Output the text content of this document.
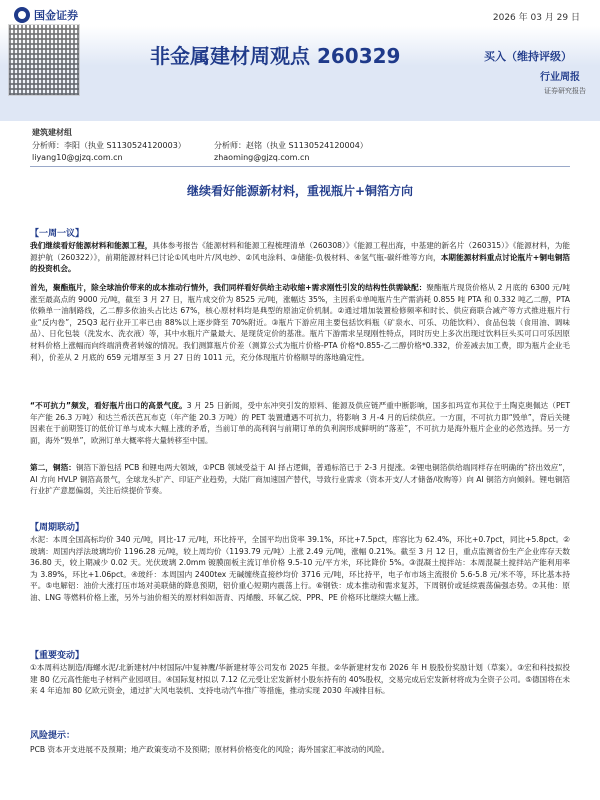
国金证券	2026 年 03 月 29 日
非金属建材周观点 260329	买入（维持评级）
行业周报
证券研究报告
建筑建材组
分析师：李阳（执业 S1130524120003）
liyang10@gjzq.com.cn
分析师：赵铭（执业 S1130524120004）
zhaoming@gjzq.com.cn
继续看好能源新材料，重视瓶片+铜箔方向
【一周一议】
我们继续看好能源材料和能源工程，具体参考报告《能源材料和能源工程梳理清单（260308）》《能源工程出海，中基建的新名片（260315）》《能源材料，为能源护航（260322）》，前期能源材料已讨论①风电叶片/风电纱、②风电涂料、③储能-负极材料、④氢气瓶-碳纤维等方向，本期能源材料重点讨论瓶片+铜电铜箔的投资机会。
首先，聚酯瓶片，除全球油价带来的成本推动行情外，我们同样看好供给主动收缩+需求刚性引发的结构性供需缺配：聚酯瓶片现货价格从 2 月底的 6300 元/吨涨至最高点的 9000 元/吨，截至 3 月 27 日，瓶片成交价为 8525 元/吨，涨幅达 35%，主因系①单吨瓶片生产需消耗 0.855 吨 PTA 和 0.332 吨乙二醇，PTA 依赖单一油制路线，乙二醇多依油头占比达 67%，核心原材料均是典型的原油定价机制。②通过增加装置检修频率和时长、供应商联合减产等方式推进瓶片行业“反内卷”，25Q3 起行业开工率已由 88%以上逐步降至 70%附近。③瓶片下游应用主要包括饮料瓶（矿泉水、可乐、功能饮料）、食品包装（食用油、调味品）、日化包装（洗发水、洗衣液）等，其中水瓶片产量最大、是现货定价的基准。瓶片下游需求呈现刚性特点，同时历史上多次出现过饮料巨头买可口可乐因原材料价格上涨幅而向终端消费者转嫁的情况。我们测算瓶片价差（测算公式为瓶片价格-PTA 价格*0.855-乙二醇价格*0.332，价差减去加工费，即为瓶片企业毛利），价差从 2 月底的 659 元增厚至 3 月 27 日的 1011 元，充分体现瓶片价格顺导的落地确定性。
“不可抗力”频发，看好瓶片出口的高景气度。3 月 25 日新闻，受中东冲突引发的原料、能源及供应链严重中断影响，国多扣玛宣布其位于土陶克奥佩达（PET 年产能 26.3 万吨）和达兰希沃芭瓦布克（年产能 20.3 万吨）的 PET 装置遭遇不可抗力，将影响 3 月-4 月的后续供应。一方面，不可抗力即“毁单”，背后关键因素在于前期签订的低价订单与成本大幅上涨的矛盾，当前订单的高利润与前期订单的负利润形成鲜明的“落差”，不可抗力是海外瓶片企业的必然选择。另一方面，海外“毁单”，欧洲订单大概率将大量转移至中国。
第二，铜箔：铜箔下游包括 PCB 和锂电两大领域，①PCB 领域受益于 AI 择占逻辑，普通标箔已于 2-3 月提涨。②锂电铜箔供给端同样存在明确的“挤出效应”，AI 方向 HVLP 铜箔高景气，全球龙头扩产、印证产业趋势，大陆厂商加速国产替代，导致行业需求（资本开支/人才储备/收购等）向 AI 铜箔方向倾斜。锂电铜箔行业扩产意愿偏弱，关注后续提价节奏。
【周期联动】
水泥：本周全国高标均价 340 元/吨，同比-17 元/吨，环比持平，全国平均出货率 39.1%，环比+7.5pct，库容比为 62.4%，环比+0.7pct，同比+5.8pct。②玻璃：周国内浮法玻璃均价 1196.28 元/吨，较上周均价（1193.79 元/吨）上涨 2.49 元/吨，涨幅 0.21%。截至 3 月 12 日，重点监测省份生产企业库存天数 36.80 天，较上期减少 0.02 天。光伏玻璃 2.0mm 镀膜面板主流订单价格 9.5-10 元/平方米，环比降价 5%。③混凝土搅拌站：本周混凝土搅拌站产能利用率为 3.89%，环比+1.06pct。④玻纤：本周国内 2400tex 无碱缠绕直接纱均价 3716 元/吨，环比持平，电子布市场主流报价 5.6-5.8 元/米不等，环比基本持平。⑤电解铝：油价大涨打压市场对美联储的降息预期，铝价重心短期内震荡上行。⑥钢铁：成本推动和需求复苏，下周钢价或延续震荡偏强态势。⑦其他：原油、LNG 等燃料价格上涨，另外与油价相关的原材料如沥青、丙烯酸、环氧乙烷、PPR、PE 价格环比继续大幅上涨。
【重要变动】
①本周科达制造/海螺水泥/北新建材/中材国际/中复神鹰/华新建材等公司发布 2025 年报。②华新建材发布 2026 年 H 股股份奖励计划（草案）。③宏和科技拟投建 80 亿元高性能电子材料产业园项目。④国际复材拟以 7.12 亿元受让宏发新材小股东持有的 40%股权，交易完成后宏发新材将成为全资子公司。⑤德国将在未来 4 年追加 80 亿欧元资金，通过扩大风电装机、支持电动汽车推广等措施，推动实现 2030 年减排目标。
风险提示：
PCB 资本开支进展不及预期；地产政策变动不及预期；原材料价格变化的风险；海外国家汇率波动的风险。
